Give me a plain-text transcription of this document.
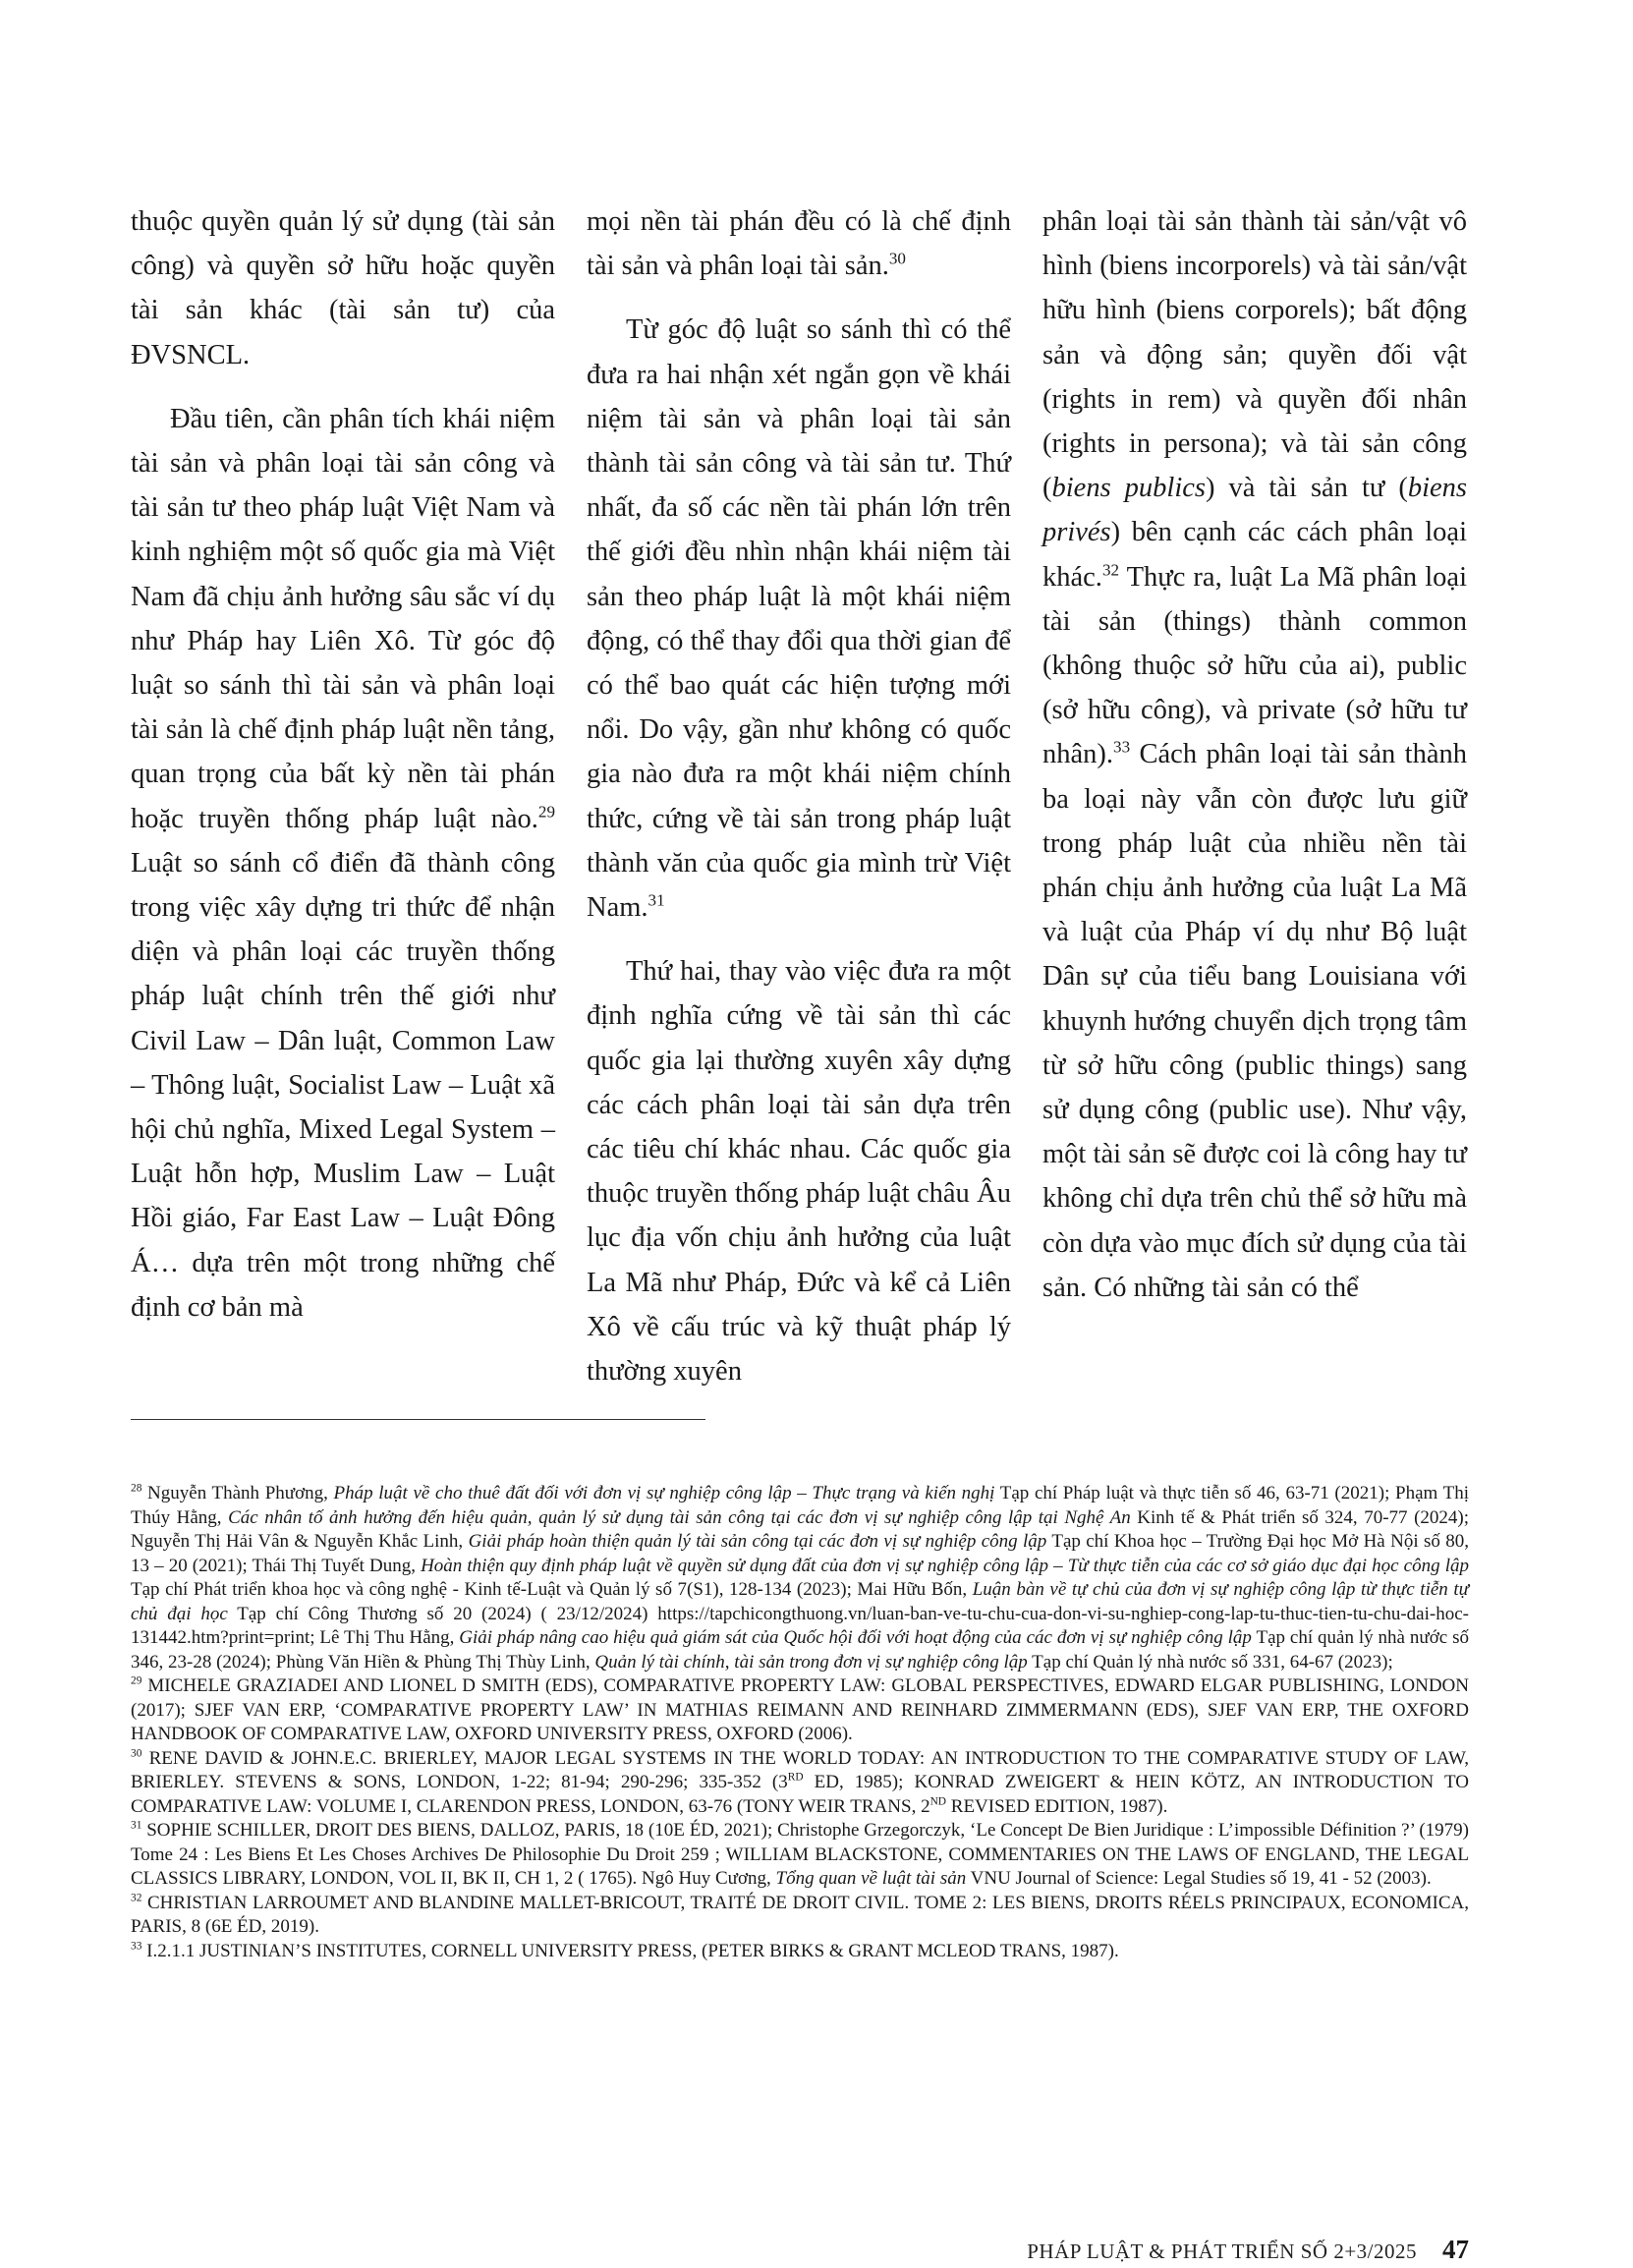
thuộc quyền quản lý sử dụng (tài sản công) và quyền sở hữu hoặc quyền tài sản khác (tài sản tư) của ĐVSNCL.

Đầu tiên, cần phân tích khái niệm tài sản và phân loại tài sản công và tài sản tư theo pháp luật Việt Nam và kinh nghiệm một số quốc gia mà Việt Nam đã chịu ảnh hưởng sâu sắc ví dụ như Pháp hay Liên Xô. Từ góc độ luật so sánh thì tài sản và phân loại tài sản là chế định pháp luật nền tảng, quan trọng của bất kỳ nền tài phán hoặc truyền thống pháp luật nào.$^{29}$ Luật so sánh cổ điển đã thành công trong việc xây dựng tri thức để nhận diện và phân loại các truyền thống pháp luật chính trên thế giới như Civil Law – Dân luật, Common Law – Thông luật, Socialist Law – Luật xã hội chủ nghĩa, Mixed Legal System – Luật hỗn hợp, Muslim Law – Luật Hồi giáo, Far East Law – Luật Đông Á… dựa trên một trong những chế định cơ bản mà

mọi nền tài phán đều có là chế định tài sản và phân loại tài sản.$^{30}$

Từ góc độ luật so sánh thì có thể đưa ra hai nhận xét ngắn gọn về khái niệm tài sản và phân loại tài sản thành tài sản công và tài sản tư. Thứ nhất, đa số các nền tài phán lớn trên thế giới đều nhìn nhận khái niệm tài sản theo pháp luật là một khái niệm động, có thể thay đổi qua thời gian để có thể bao quát các hiện tượng mới nổi. Do vậy, gần như không có quốc gia nào đưa ra một khái niệm chính thức, cứng về tài sản trong pháp luật thành văn của quốc gia mình trừ Việt Nam.$^{31}$

Thứ hai, thay vào việc đưa ra một định nghĩa cứng về tài sản thì các quốc gia lại thường xuyên xây dựng các cách phân loại tài sản dựa trên các tiêu chí khác nhau. Các quốc gia thuộc truyền thống pháp luật châu Âu lục địa vốn chịu ảnh hưởng của luật La Mã như Pháp, Đức và kể cả Liên Xô về cấu trúc và kỹ thuật pháp lý thường xuyên

phân loại tài sản thành tài sản/vật vô hình (biens incorporels) và tài sản/vật hữu hình (biens corporels); bất động sản và động sản; quyền đối vật (rights in rem) và quyền đối nhân (rights in persona); và tài sản công (biens publics) và tài sản tư (biens privés) bên cạnh các cách phân loại khác.$^{32}$ Thực ra, luật La Mã phân loại tài sản (things) thành common (không thuộc sở hữu của ai), public (sở hữu công), và private (sở hữu tư nhân).$^{33}$ Cách phân loại tài sản thành ba loại này vẫn còn được lưu giữ trong pháp luật của nhiều nền tài phán chịu ảnh hưởng của luật La Mã và luật của Pháp ví dụ như Bộ luật Dân sự của tiểu bang Louisiana với khuynh hướng chuyển dịch trọng tâm từ sở hữu công (public things) sang sử dụng công (public use). Như vậy, một tài sản sẽ được coi là công hay tư không chỉ dựa trên chủ thể sở hữu mà còn dựa vào mục đích sử dụng của tài sản. Có những tài sản có thể

$^{28}$ Nguyễn Thành Phương, Pháp luật về cho thuê đất đối với đơn vị sự nghiệp công lập – Thực trạng và kiến nghị Tạp chí Pháp luật và thực tiễn số 46, 63-71 (2021); Phạm Thị Thúy Hằng, Các nhân tố ảnh hưởng đến hiệu quản, quản lý sử dụng tài sản công tại các đơn vị sự nghiệp công lập tại Nghệ An Kinh tế & Phát triển số 324, 70-77 (2024); Nguyễn Thị Hải Vân & Nguyễn Khắc Linh, Giải pháp hoàn thiện quản lý tài sản công tại các đơn vị sự nghiệp công lập Tạp chí Khoa học – Trường Đại học Mở Hà Nội số 80, 13 – 20 (2021); Thái Thị Tuyết Dung, Hoàn thiện quy định pháp luật về quyền sử dụng đất của đơn vị sự nghiệp công lập – Từ thực tiễn của các cơ sở giáo dục đại học công lập Tạp chí Phát triển khoa học và công nghệ - Kinh tế-Luật và Quản lý số 7(S1), 128-134 (2023); Mai Hữu Bốn, Luận bàn về tự chủ của đơn vị sự nghiệp công lập từ thực tiễn tự chủ đại học Tạp chí Công Thương số 20 (2024) ( 23/12/2024) https://tapchicongthuong.vn/luan-ban-ve-tu-chu-cua-don-vi-su-nghiep-cong-lap-tu-thuc-tien-tu-chu-dai-hoc-131442.htm?print=print; Lê Thị Thu Hằng, Giải pháp nâng cao hiệu quả giám sát của Quốc hội đối với hoạt động của các đơn vị sự nghiệp công lập Tạp chí quản lý nhà nước số 346, 23-28 (2024); Phùng Văn Hiền & Phùng Thị Thùy Linh, Quản lý tài chính, tài sản trong đơn vị sự nghiệp công lập Tạp chí Quản lý nhà nước số 331, 64-67 (2023);

$^{29}$ MICHELE GRAZIADEI AND LIONEL D SMITH (EDS), COMPARATIVE PROPERTY LAW: GLOBAL PERSPECTIVES, EDWARD ELGAR PUBLISHING, LONDON (2017); SJEF VAN ERP, ‘COMPARATIVE PROPERTY LAW’ IN MATHIAS REIMANN AND REINHARD ZIMMERMANN (EDS), SJEF VAN ERP, THE OXFORD HANDBOOK OF COMPARATIVE LAW, OXFORD UNIVERSITY PRESS, OXFORD (2006).

$^{30}$ RENE DAVID & JOHN.E.C. BRIERLEY, MAJOR LEGAL SYSTEMS IN THE WORLD TODAY: AN INTRODUCTION TO THE COMPARATIVE STUDY OF LAW, BRIERLEY. STEVENS & SONS, LONDON, 1-22; 81-94; 290-296; 335-352 (3RD ED, 1985); KONRAD ZWEIGERT & HEIN KÖTZ, AN INTRODUCTION TO COMPARATIVE LAW: VOLUME I, CLARENDON PRESS, LONDON, 63-76 (TONY WEIR TRANS, 2ND REVISED EDITION, 1987).

$^{31}$ SOPHIE SCHILLER, DROIT DES BIENS, DALLOZ, PARIS, 18 (10E ÉD, 2021); Christophe Grzegorczyk, ‘Le Concept De Bien Juridique : L’impossible Définition ?’ (1979) Tome 24 : Les Biens Et Les Choses Archives De Philosophie Du Droit 259 ; WILLIAM BLACKSTONE, COMMENTARIES ON THE LAWS OF ENGLAND, THE LEGAL CLASSICS LIBRARY, LONDON, VOL II, BK II, CH 1, 2 ( 1765). Ngô Huy Cương, Tổng quan về luật tài sản VNU Journal of Science: Legal Studies số 19, 41 - 52 (2003).

$^{32}$ CHRISTIAN LARROUMET AND BLANDINE MALLET-BRICOUT, TRAITÉ DE DROIT CIVIL. TOME 2: LES BIENS, DROITS RÉELS PRINCIPAUX, ECONOMICA, PARIS, 8 (6E ÉD, 2019).

$^{33}$ I.2.1.1 JUSTINIAN’S INSTITUTES, CORNELL UNIVERSITY PRESS, (PETER BIRKS & GRANT MCLEOD TRANS, 1987).

PHÁP LUẬT & PHÁT TRIỂN SỐ 2+3/2025 47
